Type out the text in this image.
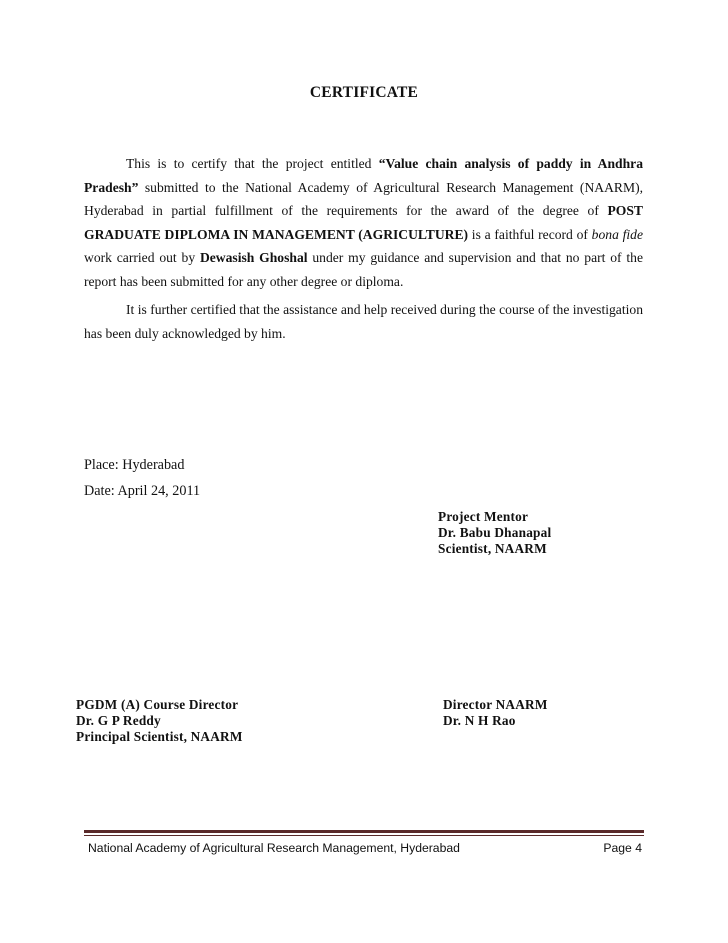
CERTIFICATE
This is to certify that the project entitled “Value chain analysis of paddy in Andhra Pradesh” submitted to the National Academy of Agricultural Research Management (NAARM), Hyderabad in partial fulfillment of the requirements for the award of the degree of POST GRADUATE DIPLOMA IN MANAGEMENT (AGRICULTURE) is a faithful record of bona fide work carried out by Dewasish Ghoshal under my guidance and supervision and that no part of the report has been submitted for any other degree or diploma.
It is further certified that the assistance and help received during the course of the investigation has been duly acknowledged by him.
Place: Hyderabad
Date: April 24, 2011
Project Mentor
Dr. Babu Dhanapal
Scientist, NAARM
PGDM (A) Course Director
Dr. G P Reddy
Principal Scientist, NAARM
Director NAARM
Dr. N H Rao
National Academy of Agricultural Research Management, Hyderabad	Page 4
